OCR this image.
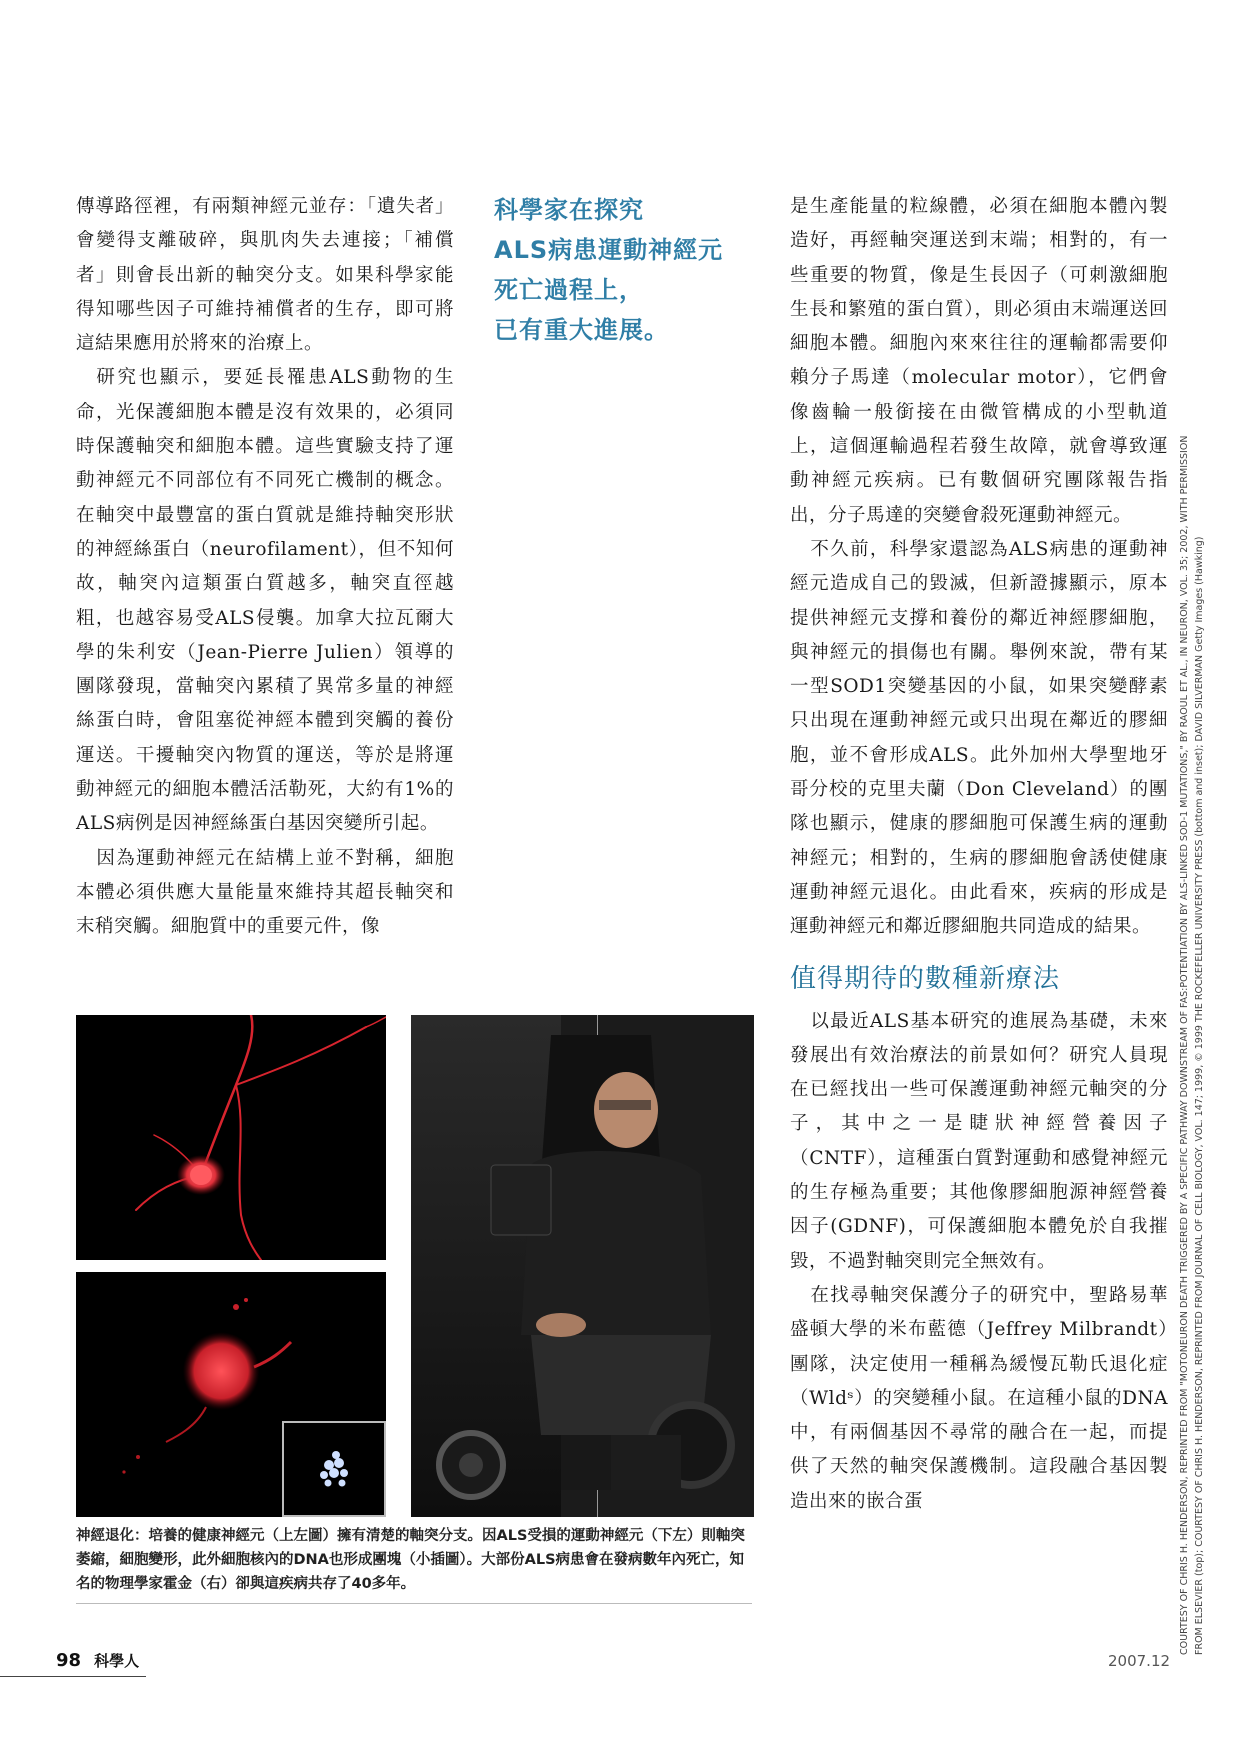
傳導路徑裡，有兩類神經元並存：「遺失者」會變得支離破碎，與肌肉失去連接；「補償者」則會長出新的軸突分支。如果科學家能得知哪些因子可維持補償者的生存，即可將這結果應用於將來的治療上。

研究也顯示，要延長罹患ALS動物的生命，光保護細胞本體是沒有效果的，必須同時保護軸突和細胞本體。這些實驗支持了運動神經元不同部位有不同死亡機制的概念。在軸突中最豐富的蛋白質就是維持軸突形狀的神經絲蛋白（neurofilament），但不知何故，軸突內這類蛋白質越多，軸突直徑越粗，也越容易受ALS侵襲。加拿大拉瓦爾大學的朱利安（Jean-Pierre Julien）領導的團隊發現，當軸突內累積了異常多量的神經絲蛋白時，會阻塞從神經本體到突觸的養份運送。干擾軸突內物質的運送，等於是將運動神經元的細胞本體活活勒死，大約有1%的ALS病例是因神經絲蛋白基因突變所引起。

因為運動神經元在結構上並不對稱，細胞本體必須供應大量能量來維持其超長軸突和末稍突觸。細胞質中的重要元件，像

科學家在探究
ALS病患運動神經元
死亡過程上，
已有重大進展。

是生產能量的粒線體，必須在細胞本體內製造好，再經軸突運送到末端；相對的，有一些重要的物質，像是生長因子（可刺激細胞生長和繁殖的蛋白質），則必須由末端運送回細胞本體。細胞內來來往往的運輸都需要仰賴分子馬達（molecular motor），它們會像齒輪一般銜接在由微管構成的小型軌道上，這個運輸過程若發生故障，就會導致運動神經元疾病。已有數個研究團隊報告指出，分子馬達的突變會殺死運動神經元。

不久前，科學家還認為ALS病患的運動神經元造成自己的毀滅，但新證據顯示，原本提供神經元支撐和養份的鄰近神經膠細胞，與神經元的損傷也有關。舉例來說，帶有某一型SOD1突變基因的小鼠，如果突變酵素只出現在運動神經元或只出現在鄰近的膠細胞，並不會形成ALS。此外加州大學聖地牙哥分校的克里夫蘭（Don Cleveland）的團隊也顯示，健康的膠細胞可保護生病的運動神經元；相對的，生病的膠細胞會誘使健康運動神經元退化。由此看來，疾病的形成是運動神經元和鄰近膠細胞共同造成的結果。

值得期待的數種新療法

以最近ALS基本研究的進展為基礎，未來發展出有效治療法的前景如何？研究人員現在已經找出一些可保護運動神經元軸突的分子，其中之一是睫狀神經營養因子（CNTF），這種蛋白質對運動和感覺神經元的生存極為重要；其他像膠細胞源神經營養因子(GDNF)，可保護細胞本體免於自我摧毀，不過對軸突則完全無效有。

在找尋軸突保護分子的研究中，聖路易華盛頓大學的米布藍德（Jeffrey Milbrandt）團隊，決定使用一種稱為緩慢瓦勒氏退化症（Wldˢ）的突變種小鼠。在這種小鼠的DNA中，有兩個基因不尋常的融合在一起，而提供了天然的軸突保護機制。這段融合基因製造出來的嵌合蛋

神經退化：培養的健康神經元（上左圖）擁有清楚的軸突分支。因ALS受損的運動神經元（下左）則軸突萎縮，細胞變形，此外細胞核內的DNA也形成團塊（小插圖）。大部份ALS病患會在發病數年內死亡，知名的物理學家霍金（右）卻與這疾病共存了40多年。
98 科學人	2007.12
COURTESY OF CHRIS H. HENDERSON, REPRINTED FROM "MOTONEURON DEATH TRIGGERED BY A SPECIFIC PATHWAY DOWNSTREAM OF FAS:POTENTIATION BY ALS-LINKED SOD-1 MUTATIONS," BY RAOUL ET AL., IN NEURON, VOL. 35; 2002, WITH PERMISSION FROM ELSEVIER (top); COURTESY OF CHRIS H. HENDERSON, REPRINTED FROM JOURNAL OF CELL BIOLOGY, VOL. 147; 1999, © 1999 THE ROCKEFELLER UNIVERSITY PRESS (bottom and inset); DAVID SILVERMAN Getty Images (Hawking)
